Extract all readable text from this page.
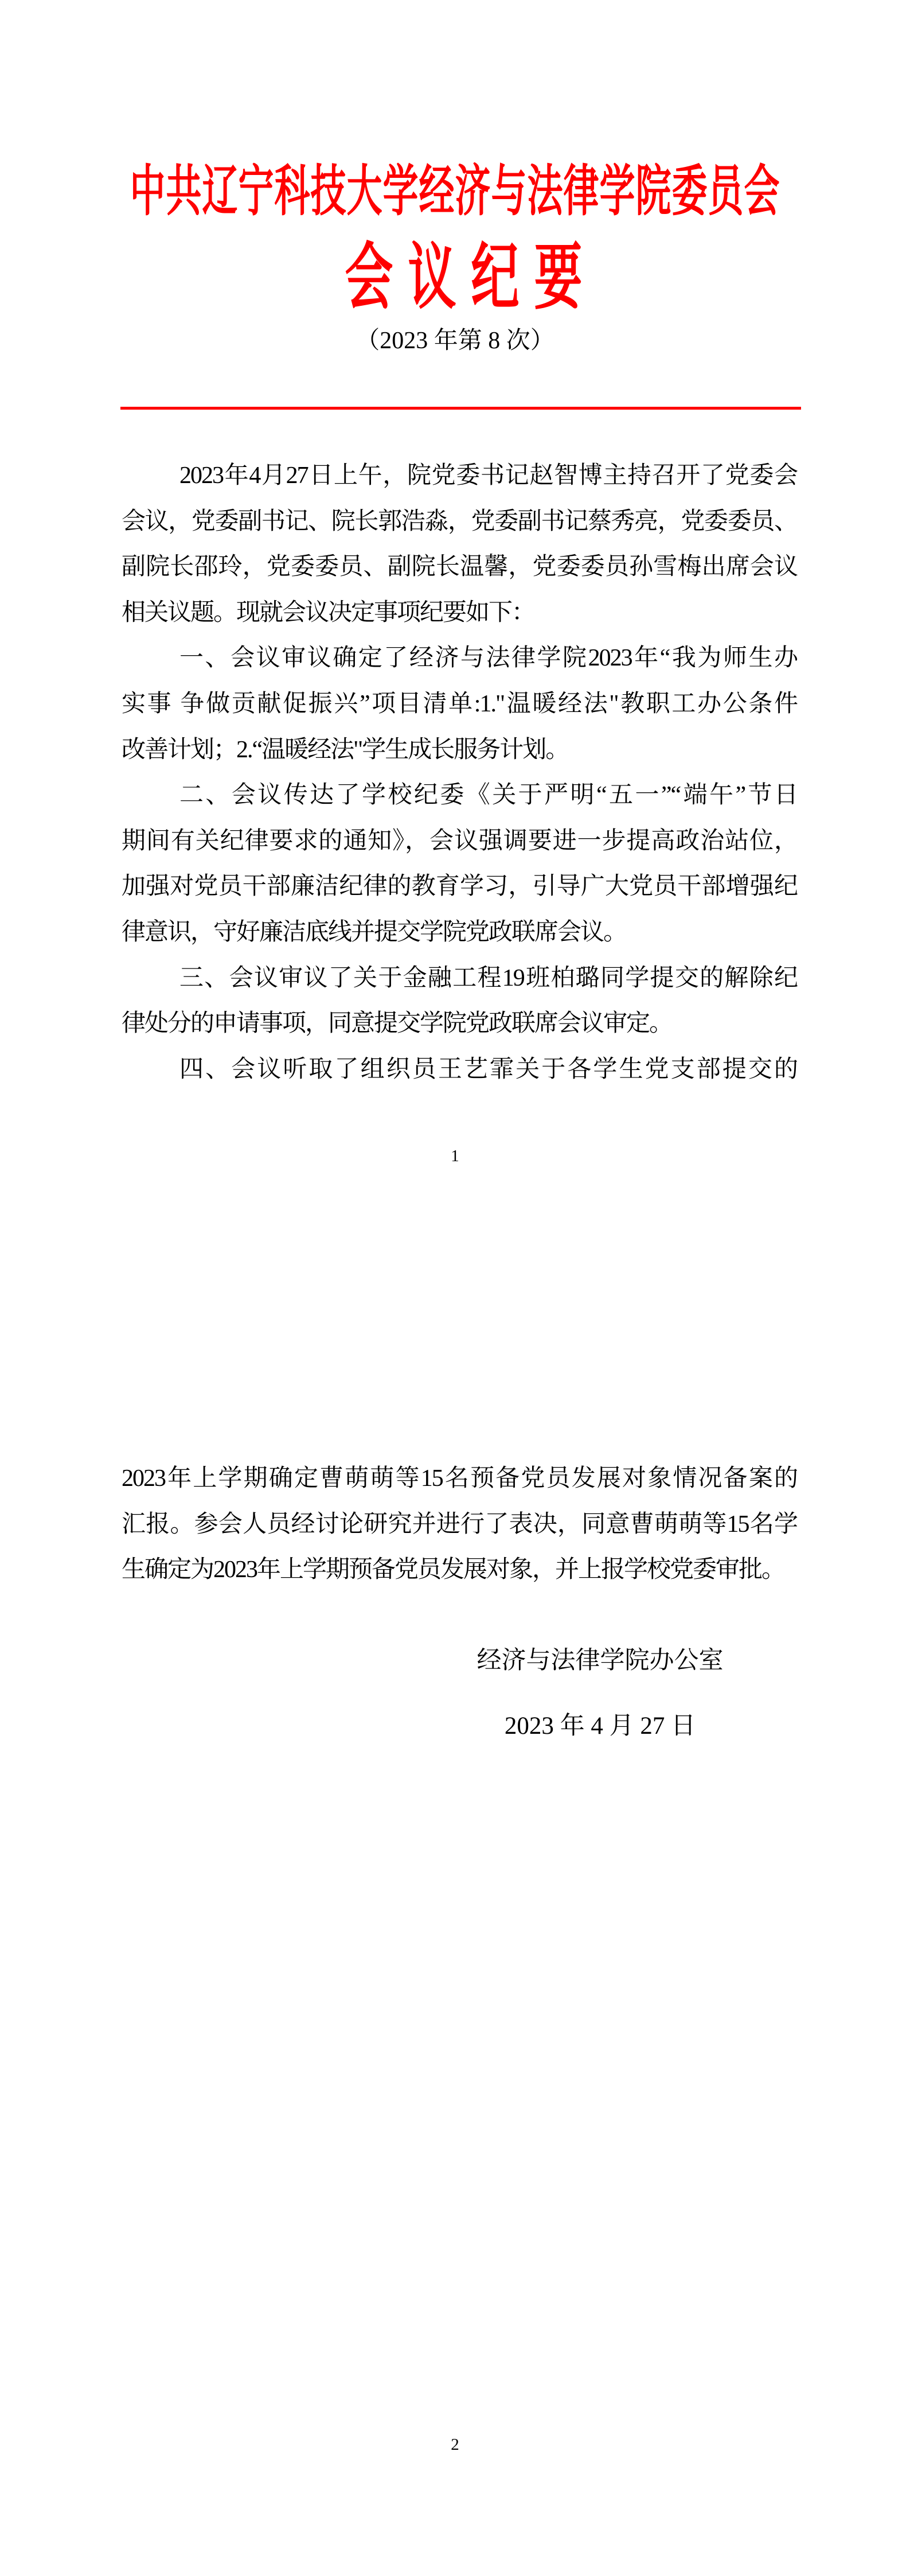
中共辽宁科技大学经济与法律学院委员会
会议纪要
（2023 年第 8 次）
2023年4月27日上午，院党委书记赵智博主持召开了党委会
会议，党委副书记、院长郭浩淼，党委副书记蔡秀亮，党委委员、
副院长邵玲，党委委员、副院长温馨，党委委员孙雪梅出席会议
相关议题。现就会议决定事项纪要如下：
一、会议审议确定了经济与法律学院2023年“我为师生办
实事 争做贡献促振兴”项目清单:1."温暖经法"教职工办公条件
改善计划；2.“温暖经法"学生成长服务计划。
二、会议传达了学校纪委《关于严明“五一”“端午”节日
期间有关纪律要求的通知》，会议强调要进一步提高政治站位，
加强对党员干部廉洁纪律的教育学习，引导广大党员干部增强纪
律意识，守好廉洁底线并提交学院党政联席会议。
三、会议审议了关于金融工程19班柏璐同学提交的解除纪
律处分的申请事项，同意提交学院党政联席会议审定。
四、会议听取了组织员王艺霏关于各学生党支部提交的
1
2023年上学期确定曹萌萌等15名预备党员发展对象情况备案的
汇报。参会人员经讨论研究并进行了表决，同意曹萌萌等15名学
生确定为2023年上学期预备党员发展对象，并上报学校党委审批。
经济与法律学院办公室
2023 年 4 月 27 日
2
